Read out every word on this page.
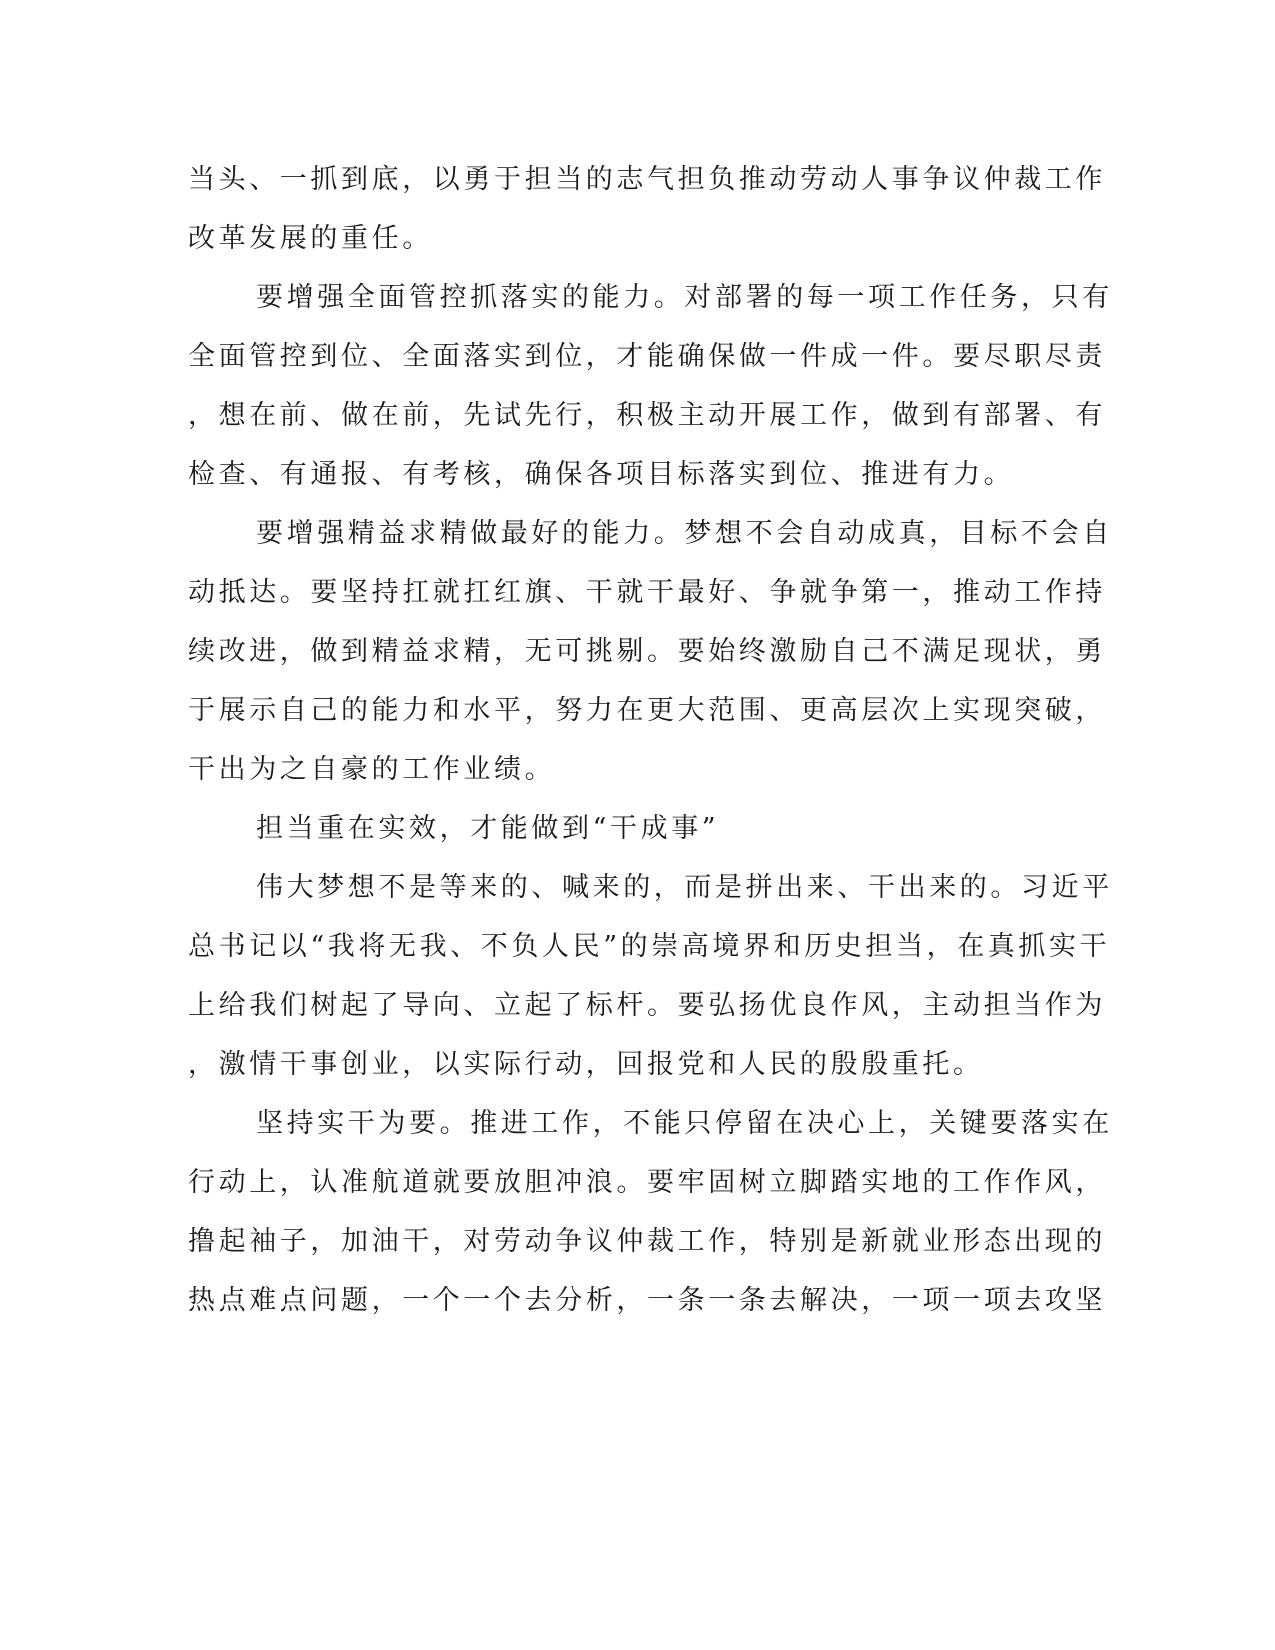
当头、一抓到底，以勇于担当的志气担负推动劳动人事争议仲裁工作
改革发展的重任。
要增强全面管控抓落实的能力。对部署的每一项工作任务，只有
全面管控到位、全面落实到位，才能确保做一件成一件。要尽职尽责
，想在前、做在前，先试先行，积极主动开展工作，做到有部署、有
检查、有通报、有考核，确保各项目标落实到位、推进有力。
要增强精益求精做最好的能力。梦想不会自动成真，目标不会自
动抵达。要坚持扛就扛红旗、干就干最好、争就争第一，推动工作持
续改进，做到精益求精，无可挑剔。要始终激励自己不满足现状，勇
于展示自己的能力和水平，努力在更大范围、更高层次上实现突破，
干出为之自豪的工作业绩。
担当重在实效，才能做到“干成事”
伟大梦想不是等来的、喊来的，而是拼出来、干出来的。习近平
总书记以“我将无我、不负人民”的崇高境界和历史担当，在真抓实干
上给我们树起了导向、立起了标杆。要弘扬优良作风，主动担当作为
，激情干事创业，以实际行动，回报党和人民的殷殷重托。
坚持实干为要。推进工作，不能只停留在决心上，关键要落实在
行动上，认准航道就要放胆冲浪。要牢固树立脚踏实地的工作作风，
撸起袖子，加油干，对劳动争议仲裁工作，特别是新就业形态出现的
热点难点问题，一个一个去分析，一条一条去解决，一项一项去攻坚
